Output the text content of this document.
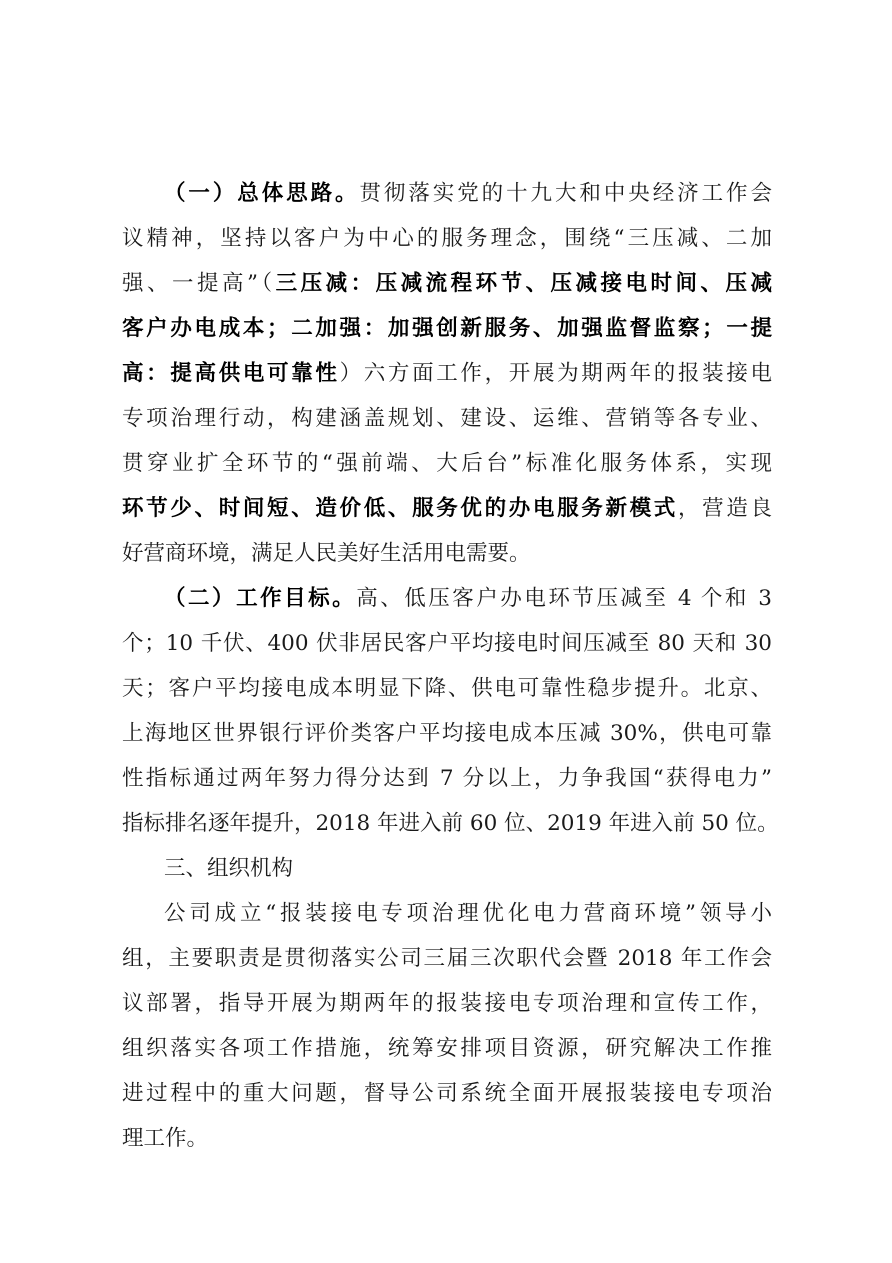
（一）总体思路。贯彻落实党的十九大和中央经济工作会
议精神，坚持以客户为中心的服务理念，围绕“三压减、二加
强、一提高”（三压减：压减流程环节、压减接电时间、压减
客户办电成本；二加强：加强创新服务、加强监督监察；一提
高：提高供电可靠性）六方面工作，开展为期两年的报装接电
专项治理行动，构建涵盖规划、建设、运维、营销等各专业、
贯穿业扩全环节的“强前端、大后台”标准化服务体系，实现
环节少、时间短、造价低、服务优的办电服务新模式，营造良
好营商环境，满足人民美好生活用电需要。
（二）工作目标。高、低压客户办电环节压减至 4 个和 3
个；10 千伏、400 伏非居民客户平均接电时间压减至 80 天和 30
天；客户平均接电成本明显下降、供电可靠性稳步提升。北京、
上海地区世界银行评价类客户平均接电成本压减 30%，供电可靠
性指标通过两年努力得分达到 7 分以上，力争我国“获得电力”
指标排名逐年提升，2018 年进入前 60 位、2019 年进入前 50 位。
三、组织机构
公司成立“报装接电专项治理优化电力营商环境”领导小
组，主要职责是贯彻落实公司三届三次职代会暨 2018 年工作会
议部署，指导开展为期两年的报装接电专项治理和宣传工作，
组织落实各项工作措施，统筹安排项目资源，研究解决工作推
进过程中的重大问题，督导公司系统全面开展报装接电专项治
理工作。
